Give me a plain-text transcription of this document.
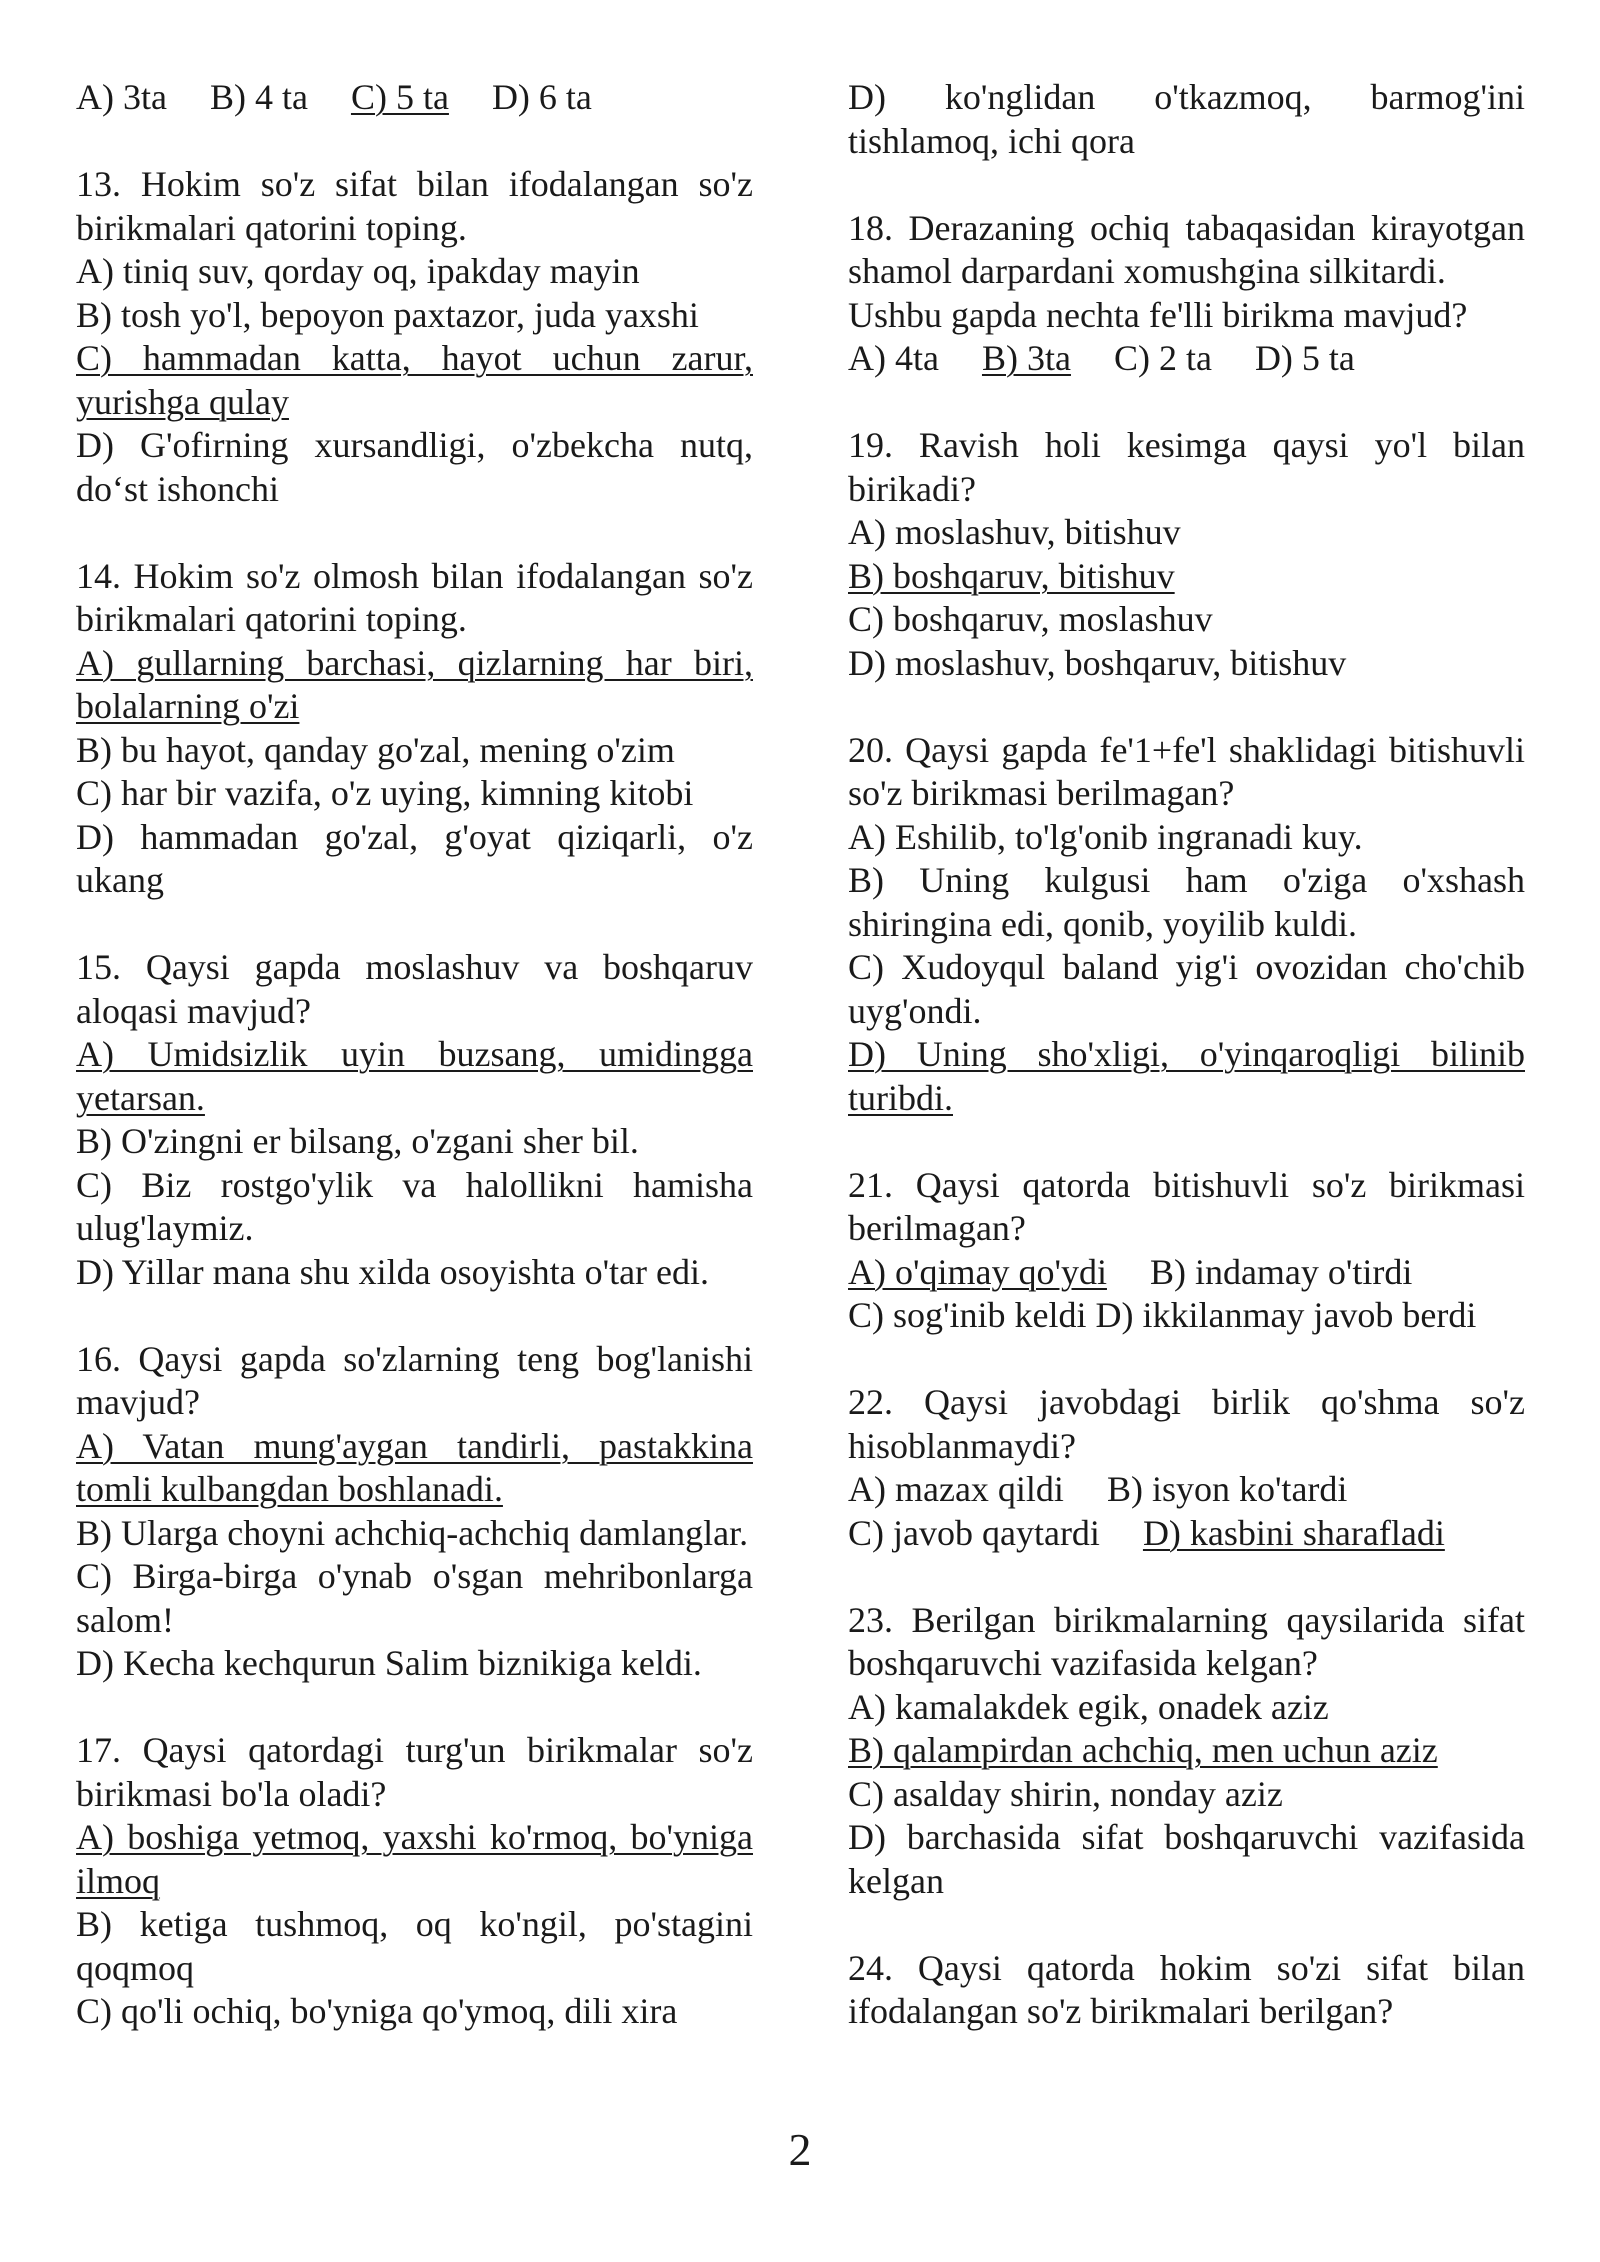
A) 3ta B) 4 ta C) 5 ta D) 6 ta

13. Hokim so'z sifat bilan ifodalangan so'z birikmalari qatorini toping.

A) tiniq suv, qorday oq, ipakday mayin

B) tosh yo'l, bepoyon paxtazor, juda yaxshi

C) hammadan katta, hayot uchun zarur, yurishga qulay

D) G'ofirning xursandligi, o'zbekcha nutq, doʻst ishonchi

14. Hokim so'z olmosh bilan ifodalangan so'z birikmalari qatorini toping.

A) gullarning barchasi, qizlarning har biri, bolalarning o'zi

B) bu hayot, qanday go'zal, mening o'zim

C) har bir vazifa, o'z uying, kimning kitobi

D) hammadan go'zal, g'oyat qiziqarli, o'z ukang

15. Qaysi gapda moslashuv va boshqaruv aloqasi mavjud?

A) Umidsizlik uyin buzsang, umidingga yetarsan.

B) O'zingni er bilsang, o'zgani sher bil.

C) Biz rostgo'ylik va halollikni hamisha ulug'laymiz.

D) Yillar mana shu xilda osoyishta o'tar edi.

16. Qaysi gapda so'zlarning teng bog'lanishi mavjud?

A) Vatan mung'aygan tandirli, pastakkina tomli kulbangdan boshlanadi.

B) Ularga choyni achchiq-achchiq damlanglar.

C) Birga-birga o'ynab o'sgan mehribonlarga salom!

D) Kecha kechqurun Salim biznikiga keldi.

17. Qaysi qatordagi turg'un birikmalar so'z birikmasi bo'la oladi?

A) boshiga yetmoq, yaxshi ko'rmoq, bo'yniga ilmoq

B) ketiga tushmoq, oq ko'ngil, po'stagini qoqmoq

C) qo'li ochiq, bo'yniga qo'ymoq, dili xira

D) ko'nglidan o'tkazmoq, barmog'ini tishlamoq, ichi qora

18. Derazaning ochiq tabaqasidan kirayotgan shamol darpardani xomushgina silkitardi.

Ushbu gapda nechta fe'lli birikma mavjud?

A) 4ta B) 3ta C) 2 ta D) 5 ta

19. Ravish holi kesimga qaysi yo'l bilan birikadi?

A) moslashuv, bitishuv

B) boshqaruv, bitishuv

C) boshqaruv, moslashuv

D) moslashuv, boshqaruv, bitishuv

20. Qaysi gapda fe'1+fe'l shaklidagi bitishuvli so'z birikmasi berilmagan?

A) Eshilib, to'lg'onib ingranadi kuy.

B) Uning kulgusi ham o'ziga o'xshash shiringina edi, qonib, yoyilib kuldi.

C) Xudoyqul baland yig'i ovozidan cho'chib uyg'ondi.

D) Uning sho'xligi, o'yinqaroqligi bilinib turibdi.

21. Qaysi qatorda bitishuvli so'z birikmasi berilmagan?

A) o'qimay qo'ydi B) indamay o'tirdi

C) sog'inib keldi D) ikkilanmay javob berdi

22. Qaysi javobdagi birlik qo'shma so'z hisoblanmaydi?

A) mazax qildi B) isyon ko'tardi

C) javob qaytardi D) kasbini sharafladi

23. Berilgan birikmalarning qaysilarida sifat boshqaruvchi vazifasida kelgan?

A) kamalakdek egik, onadek aziz

B) qalampirdan achchiq, men uchun aziz

C) asalday shirin, nonday aziz

D) barchasida sifat boshqaruvchi vazifasida kelgan

24. Qaysi qatorda hokim so'zi sifat bilan ifodalangan so'z birikmalari berilgan?

2
